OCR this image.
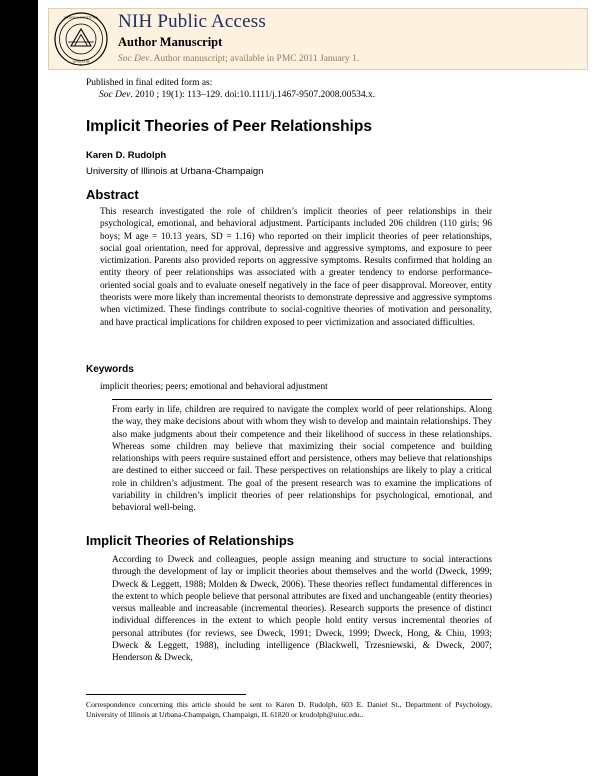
NIH-PA Author Manuscript
NIH-PA Author Manuscript
NIH-PA Author Manuscript
NATIONAL INSTITUTES
OF HEALTH
NIH Public Access
Author Manuscript
Soc Dev. Author manuscript; available in PMC 2011 January 1.
Published in final edited form as:
Soc Dev. 2010 ; 19(1): 113–129. doi:10.1111/j.1467-9507.2008.00534.x.
Implicit Theories of Peer Relationships
Karen D. Rudolph
University of Illinois at Urbana-Champaign
Abstract
This research investigated the role of children’s implicit theories of peer relationships in their psychological, emotional, and behavioral adjustment. Participants included 206 children (110 girls; 96 boys; M age = 10.13 years, SD = 1.16) who reported on their implicit theories of peer relationships, social goal orientation, need for approval, depressive and aggressive symptoms, and exposure to peer victimization. Parents also provided reports on aggressive symptoms. Results confirmed that holding an entity theory of peer relationships was associated with a greater tendency to endorse performance-oriented social goals and to evaluate oneself negatively in the face of peer disapproval. Moreover, entity theorists were more likely than incremental theorists to demonstrate depressive and aggressive symptoms when victimized. These findings contribute to social-cognitive theories of motivation and personality, and have practical implications for children exposed to peer victimization and associated difficulties.
Keywords
implicit theories; peers; emotional and behavioral adjustment
From early in life, children are required to navigate the complex world of peer relationships. Along the way, they make decisions about with whom they wish to develop and maintain relationships. They also make judgments about their competence and their likelihood of success in these relationships. Whereas some children may believe that maximizing their social competence and building relationships with peers require sustained effort and persistence, others may believe that relationships are destined to either succeed or fail. These perspectives on relationships are likely to play a critical role in children’s adjustment. The goal of the present research was to examine the implications of variability in children’s implicit theories of peer relationships for psychological, emotional, and behavioral well-being.
Implicit Theories of Relationships
According to Dweck and colleagues, people assign meaning and structure to social interactions through the development of lay or implicit theories about themselves and the world (Dweck, 1999; Dweck & Leggett, 1988; Molden & Dweck, 2006). These theories reflect fundamental differences in the extent to which people believe that personal attributes are fixed and unchangeable (entity theories) versus malleable and increasable (incremental theories). Research supports the presence of distinct individual differences in the extent to which people hold entity versus incremental theories of personal attributes (for reviews, see Dweck, 1991; Dweck, 1999; Dweck, Hong, & Chiu, 1993; Dweck & Leggett, 1988), including intelligence (Blackwell, Trzesniewski, & Dweck, 2007; Henderson & Dweck,
Correspondence concerning this article should be sent to Karen D. Rudolph, 603 E. Daniel St., Department of Psychology, University of Illinois at Urbana-Champaign, Champaign, IL 61820 or krudolph@uiuc.edu..
